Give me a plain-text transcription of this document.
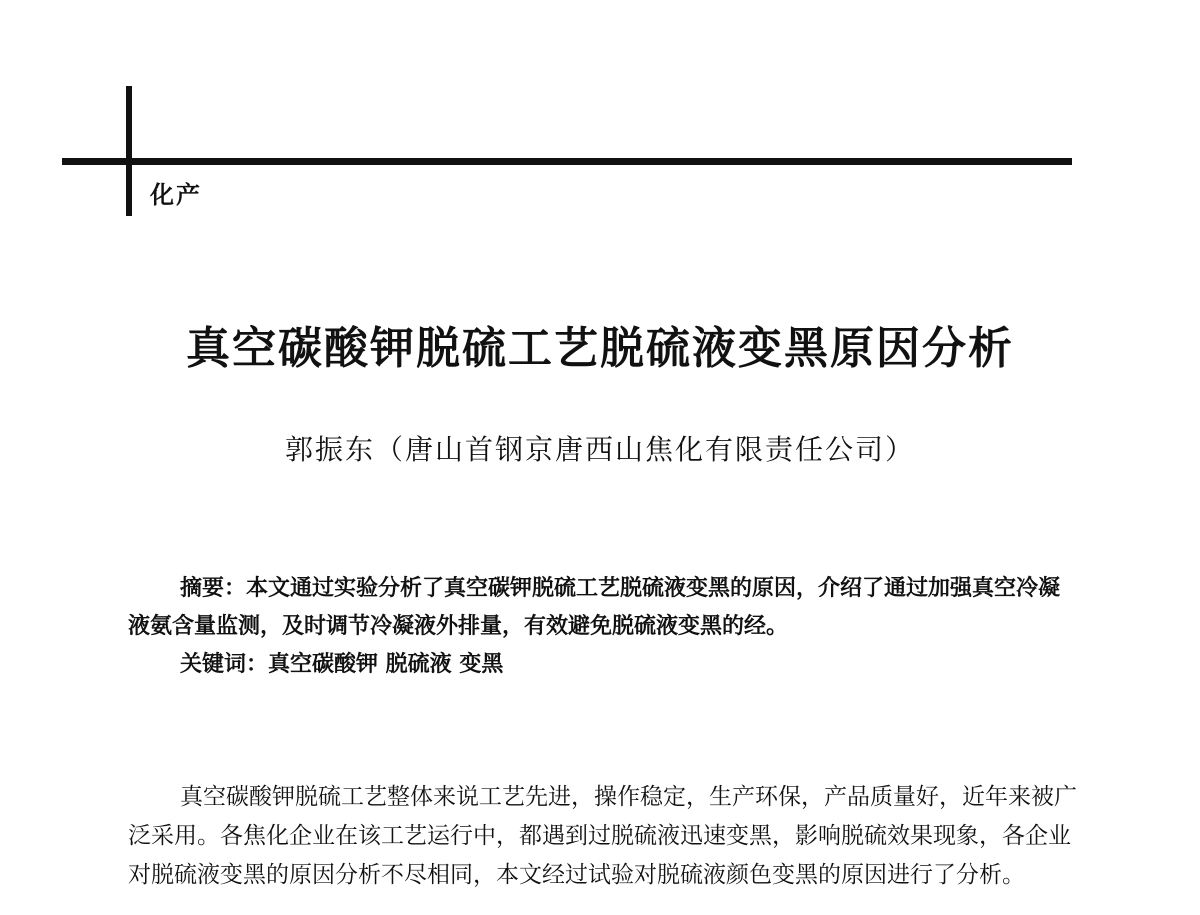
化产
真空碳酸钾脱硫工艺脱硫液变黑原因分析
郭振东（唐山首钢京唐西山焦化有限责任公司）

摘要：本文通过实验分析了真空碳钾脱硫工艺脱硫液变黑的原因，介绍了通过加强真空冷凝液氨含量监测，及时调节冷凝液外排量，有效避免脱硫液变黑的经。

关键词：真空碳酸钾 脱硫液 变黑

真空碳酸钾脱硫工艺整体来说工艺先进，操作稳定，生产环保，产品质量好，近年来被广泛采用。各焦化企业在该工艺运行中，都遇到过脱硫液迅速变黑，影响脱硫效果现象，各企业对脱硫液变黑的原因分析不尽相同，本文经过试验对脱硫液颜色变黑的原因进行了分析。
